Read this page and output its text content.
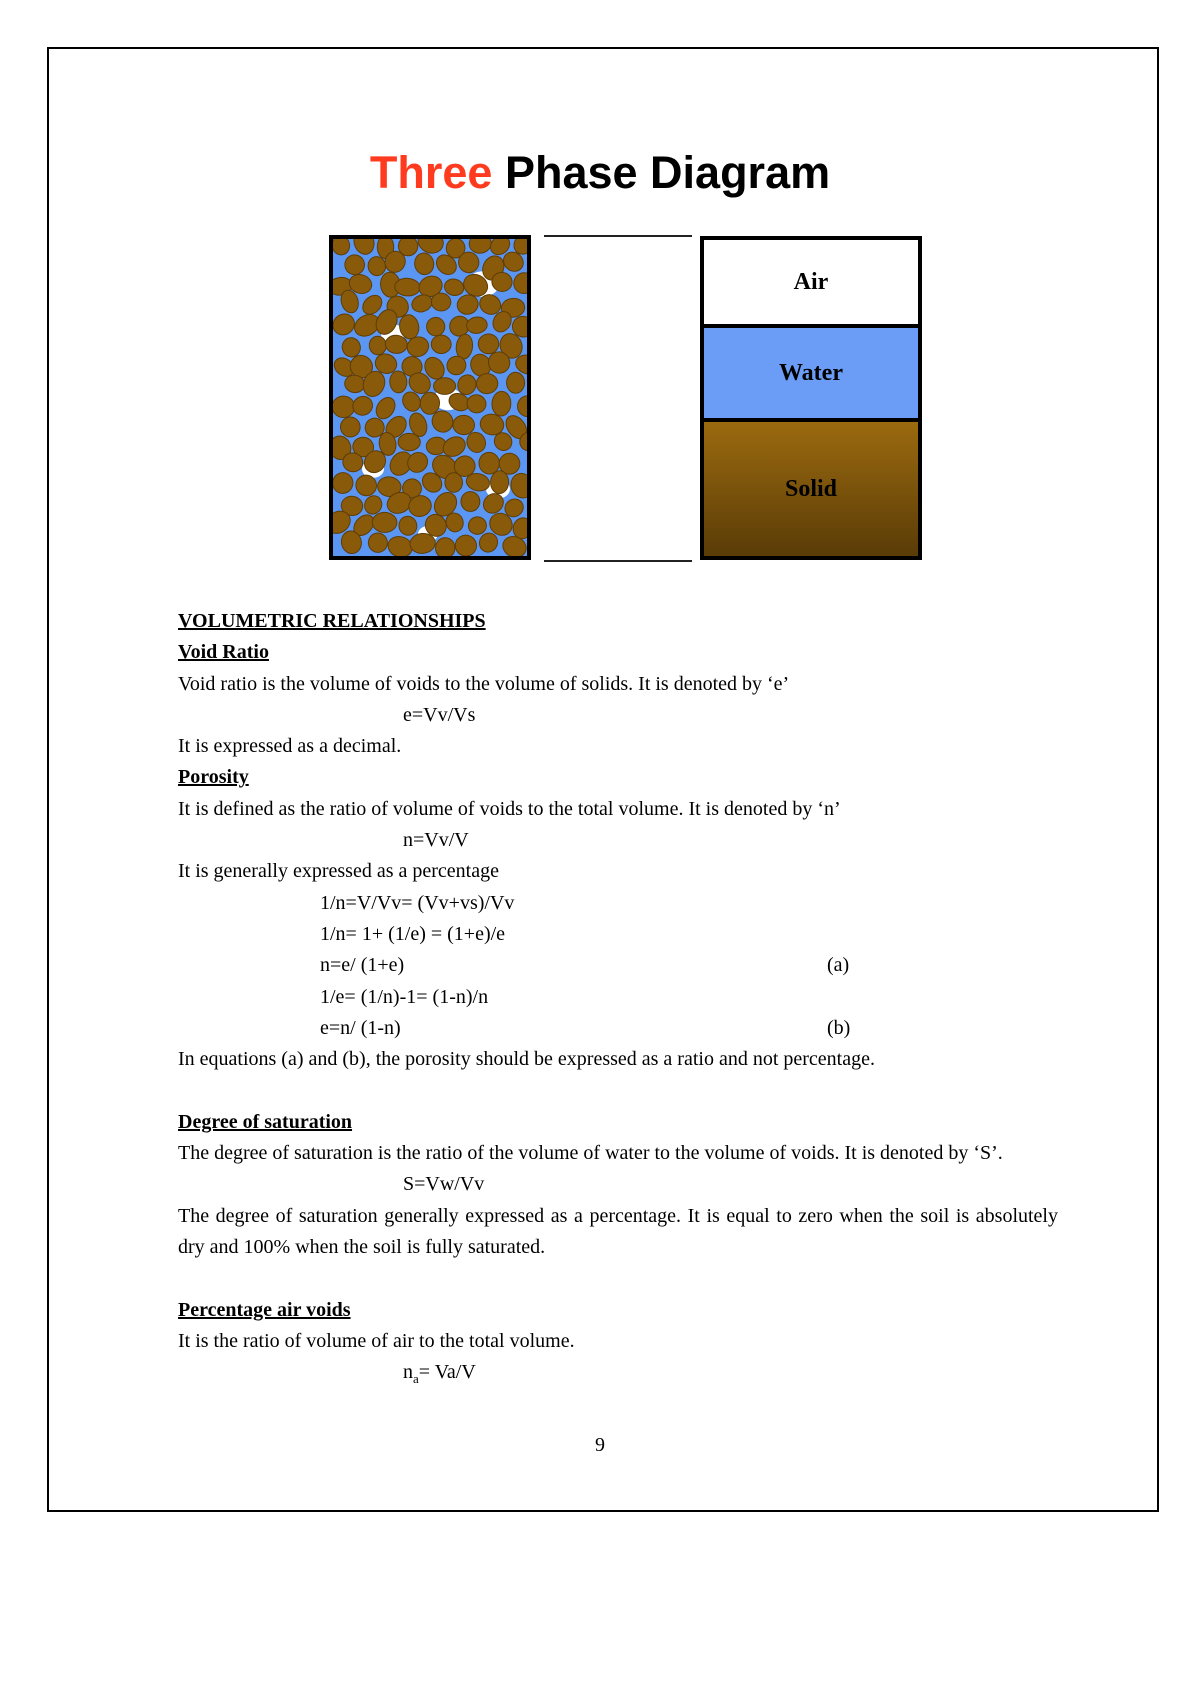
Three Phase Diagram
Air
Water
Solid

VOLUMETRIC RELATIONSHIPS

Void Ratio

Void ratio is the volume of voids to the volume of solids. It is denoted by ‘e’

e=Vv/Vs

It is expressed as a decimal.

Porosity

It is defined as the ratio of volume of voids to the total volume. It is denoted by ‘n’

n=Vv/V

It is generally expressed as a percentage

1/n=V/Vv= (Vv+vs)/Vv

1/n= 1+ (1/e) = (1+e)/e

n=e/ (1+e)	(a)

1/e= (1/n)-1= (1-n)/n

e=n/ (1-n)	(b)

In equations (a) and (b), the porosity should be expressed as a ratio and not percentage.

Degree of saturation

The degree of saturation is the ratio of the volume of water to the volume of voids. It is denoted by ‘S’.

S=Vw/Vv

The degree of saturation generally expressed as a percentage. It is equal to zero when the soil is absolutely dry and 100% when the soil is fully saturated.

Percentage air voids

It is the ratio of volume of air to the total volume.

$n_a= Va/V$

9
